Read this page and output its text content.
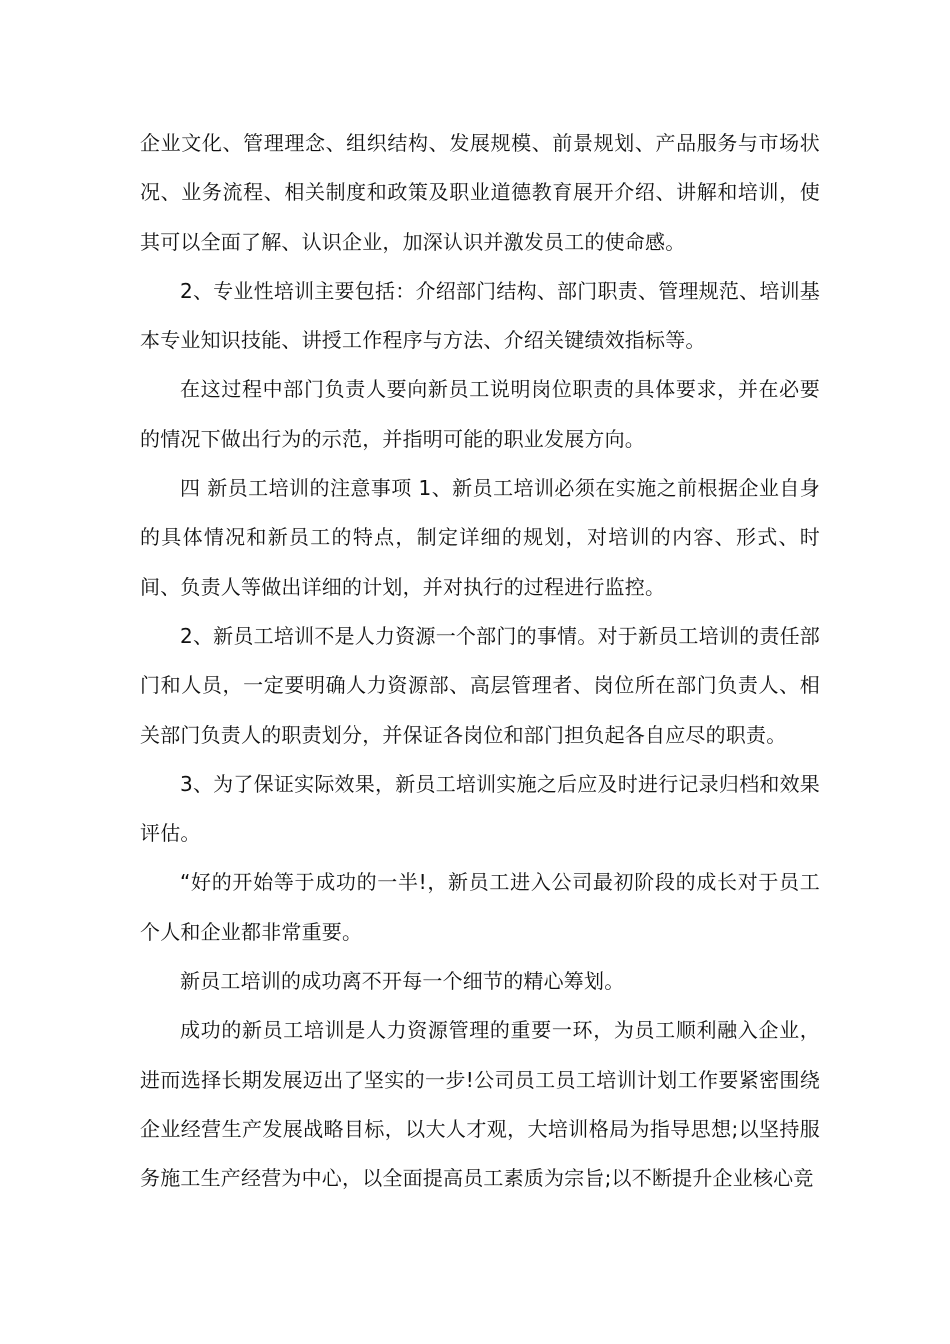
企业文化、管理理念、组织结构、发展规模、前景规划、产品服务与市场状况、业务流程、相关制度和政策及职业道德教育展开介绍、讲解和培训，使其可以全面了解、认识企业，加深认识并激发员工的使命感。

2、专业性培训主要包括：介绍部门结构、部门职责、管理规范、培训基本专业知识技能、讲授工作程序与方法、介绍关键绩效指标等。

在这过程中部门负责人要向新员工说明岗位职责的具体要求，并在必要的情况下做出行为的示范，并指明可能的职业发展方向。

四 新员工培训的注意事项 1、新员工培训必须在实施之前根据企业自身的具体情况和新员工的特点，制定详细的规划，对培训的内容、形式、时间、负责人等做出详细的计划，并对执行的过程进行监控。

2、新员工培训不是人力资源一个部门的事情。对于新员工培训的责任部门和人员，一定要明确人力资源部、高层管理者、岗位所在部门负责人、相关部门负责人的职责划分，并保证各岗位和部门担负起各自应尽的职责。

3、为了保证实际效果，新员工培训实施之后应及时进行记录归档和效果评估。

“好的开始等于成功的一半!，新员工进入公司最初阶段的成长对于员工个人和企业都非常重要。

新员工培训的成功离不开每一个细节的精心筹划。

成功的新员工培训是人力资源管理的重要一环，为员工顺利融入企业，进而选择长期发展迈出了坚实的一步!公司员工员工培训计划工作要紧密围绕企业经营生产发展战略目标，以大人才观，大培训格局为指导思想;以坚持服务施工生产经营为中心，以全面提高员工素质为宗旨;以不断提升企业核心竞
